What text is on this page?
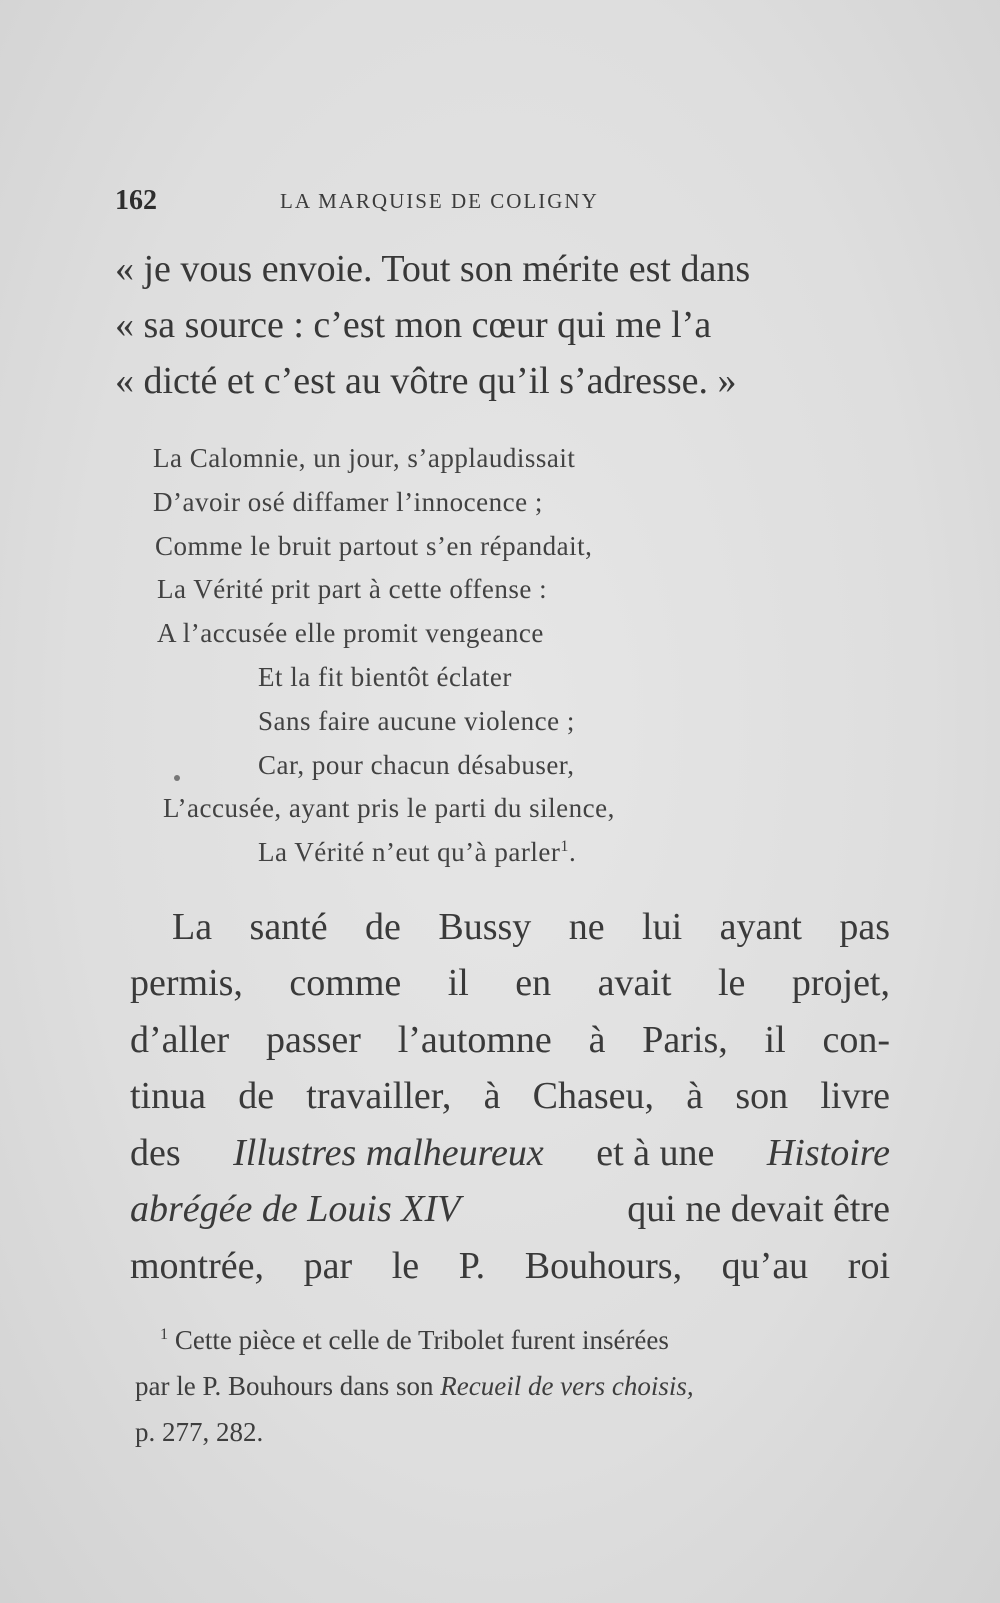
162	LA MARQUISE DE COLIGNY
« je vous envoie. Tout son mérite est dans
« sa source : c’est mon cœur qui me l’a
« dicté et c’est au vôtre qu’il s’adresse. »
La Calomnie, un jour, s’applaudissait
D’avoir osé diffamer l’innocence ;
Comme le bruit partout s’en répandait,
La Vérité prit part à cette offense :
A l’accusée elle promit vengeance
Et la fit bientôt éclater
Sans faire aucune violence ;
Car, pour chacun désabuser,
L’accusée, ayant pris le parti du silence,
La Vérité n’eut qu’à parler$^1$.
La santé de Bussy ne lui ayant pas
permis, comme il en avait le projet,
d’aller passer l’automne à Paris, il con-
tinua de travailler, à Chaseu, à son livre
des Illustres malheureux et à une Histoire
abrégée de Louis XIV	qui ne devait être
montrée, par le P. Bouhours, qu’au roi
$^1$ Cette pièce et celle de Tribolet furent insérées
par le P. Bouhours dans son Recueil de vers choisis,
p. 277, 282.
